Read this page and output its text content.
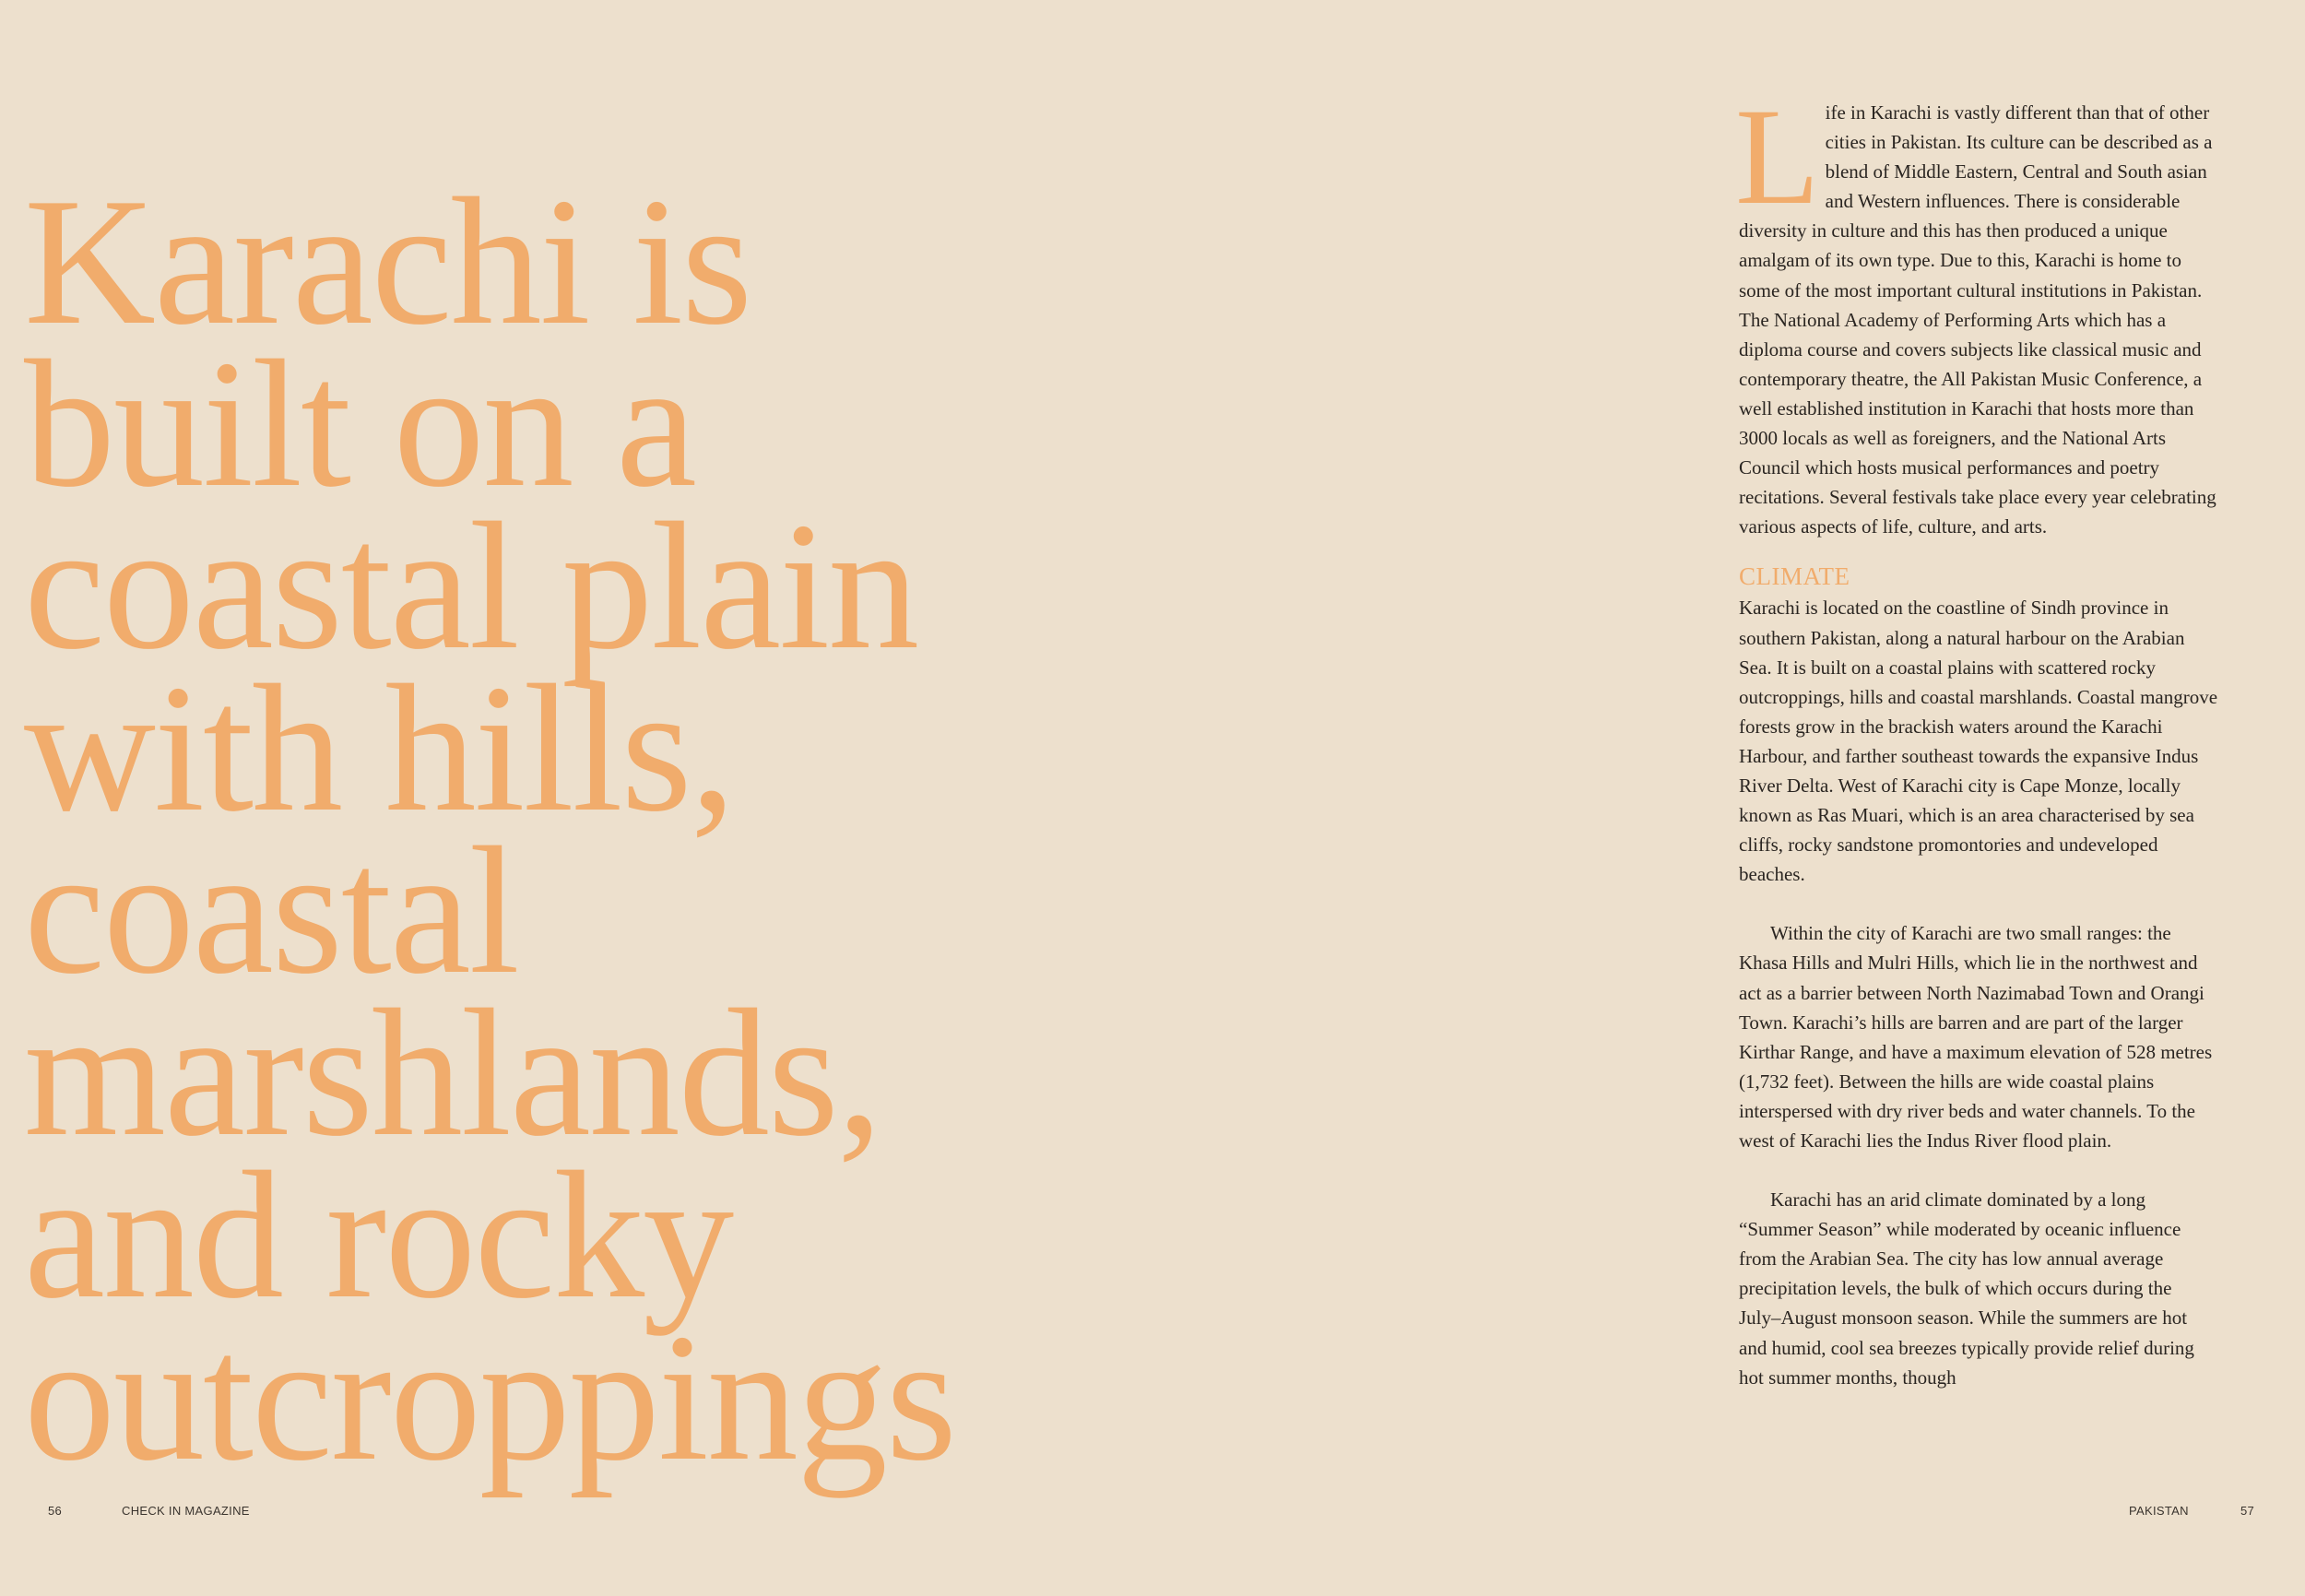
Karachi is
built on a
coastal plain
with hills,
coastal
marshlands,
and rocky
outcroppings
56	CHECK IN MAGAZINE

Life in Karachi is vastly different than that of other cities in Pakistan. Its culture can be described as a blend of Middle Eastern, Central and South asian and Western influences. There is considerable diversity in culture and this has then produced a unique amalgam of its own type. Due to this, Karachi is home to some of the most important cultural institutions in Pakistan. The National Academy of Performing Arts which has a diploma course and covers subjects like classical music and contemporary theatre, the All Pakistan Music Conference, a well established institution in Karachi that hosts more than 3000 locals as well as foreigners, and the National Arts Council which hosts musical performances and poetry recitations. Several festivals take place every year celebrating various aspects of life, culture, and arts.

CLIMATE

Karachi is located on the coastline of Sindh province in southern Pakistan, along a natural harbour on the Arabian Sea. It is built on a coastal plains with scattered rocky outcroppings, hills and coastal marshlands. Coastal mangrove forests grow in the brackish waters around the Karachi Harbour, and farther southeast towards the expansive Indus River Delta. West of Karachi city is Cape Monze, locally known as Ras Muari, which is an area characterised by sea cliffs, rocky sandstone promontories and undeveloped beaches.

Within the city of Karachi are two small ranges: the Khasa Hills and Mulri Hills, which lie in the northwest and act as a barrier between North Nazimabad Town and Orangi Town. Karachi’s hills are barren and are part of the larger Kirthar Range, and have a maximum elevation of 528 metres (1,732 feet). Between the hills are wide coastal plains interspersed with dry river beds and water channels. To the west of Karachi lies the Indus River flood plain.

Karachi has an arid climate dominated by a long “Summer Season” while moderated by oceanic influence from the Arabian Sea. The city has low annual average precipitation levels, the bulk of which occurs during the July–August monsoon season. While the summers are hot and humid, cool sea breezes typically provide relief during hot summer months, though

PAKISTAN	57
